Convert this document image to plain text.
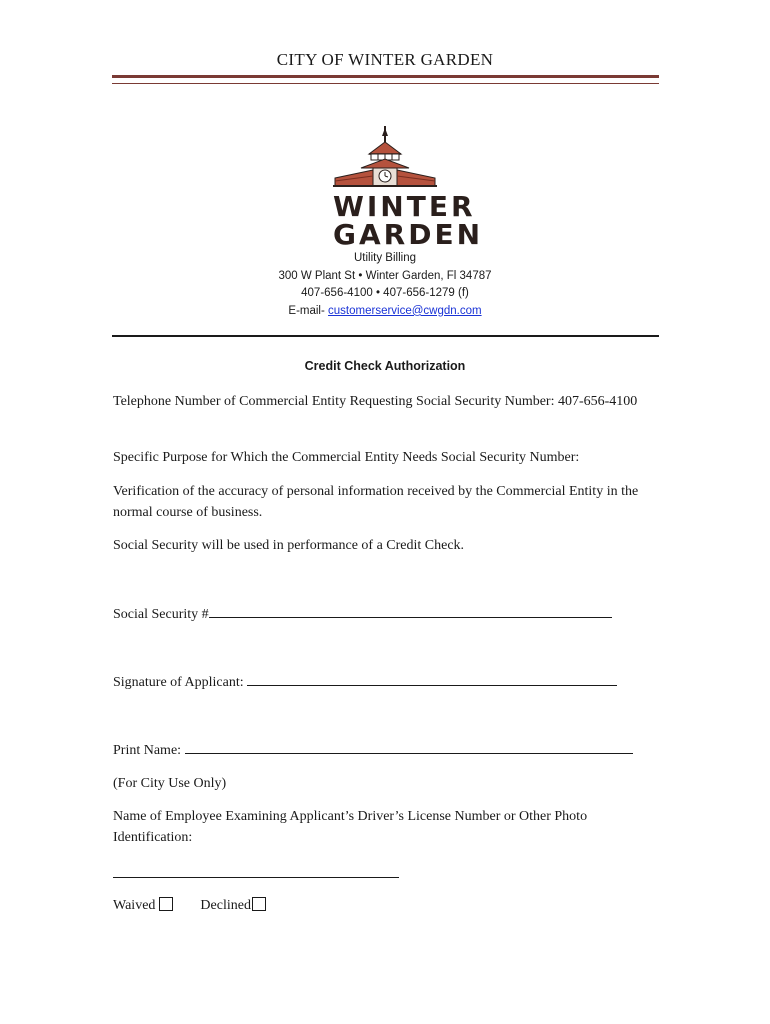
CITY OF WINTER GARDEN
WINTER
GARDEN
Utility Billing
300 W Plant St • Winter Garden, Fl 34787
407-656-4100 • 407-656-1279 (f)
E-mail- customerservice@cwgdn.com
Credit Check Authorization
Telephone Number of Commercial Entity Requesting Social Security Number: 407-656-4100
Specific Purpose for Which the Commercial Entity Needs Social Security Number:
Verification of the accuracy of personal information received by the Commercial Entity in the normal course of business.
Social Security will be used in performance of a Credit Check.
Social Security #
Signature of Applicant:
Print Name:
(For City Use Only)
Name of Employee Examining Applicant’s Driver’s License Number or Other Photo Identification:
Waived	Declined
